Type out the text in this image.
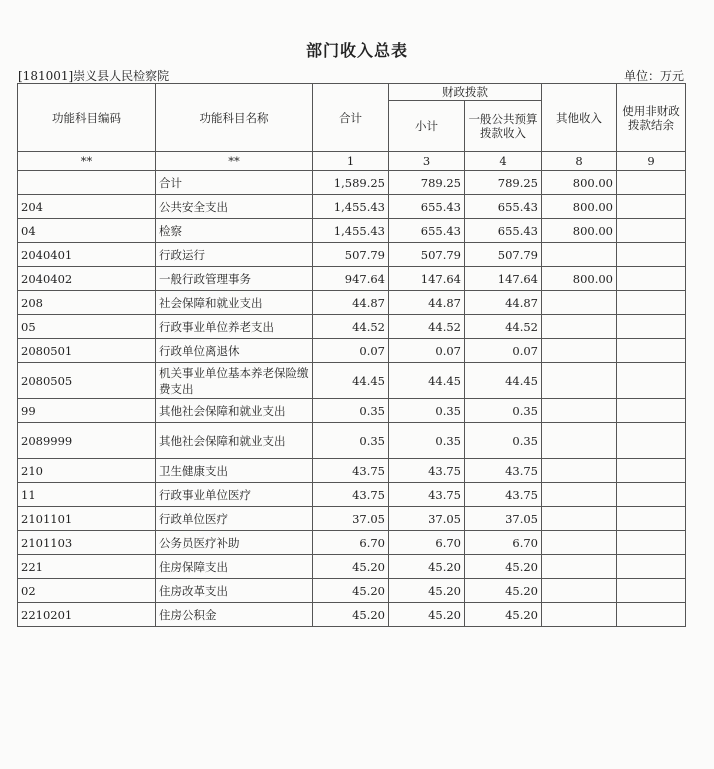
部门收入总表
[181001]崇义县人民检察院	单位：万元
功能科目编码	功能科目名称	合计	财政拨款		其他收入	使用非财政拨款结余
			小计	一般公共预算拨款收入		
**	**	1	3	4	8	9
	合计	1,589.25	789.25	789.25	800.00	
204	公共安全支出	1,455.43	655.43	655.43	800.00	
04	检察	1,455.43	655.43	655.43	800.00	
2040401	行政运行	507.79	507.79	507.79		
2040402	一般行政管理事务	947.64	147.64	147.64	800.00	
208	社会保障和就业支出	44.87	44.87	44.87		
05	行政事业单位养老支出	44.52	44.52	44.52		
2080501	行政单位离退休	0.07	0.07	0.07		
2080505	机关事业单位基本养老保险缴费支出	44.45	44.45	44.45		
99	其他社会保障和就业支出	0.35	0.35	0.35		
2089999	其他社会保障和就业支出	0.35	0.35	0.35		
210	卫生健康支出	43.75	43.75	43.75		
11	行政事业单位医疗	43.75	43.75	43.75		
2101101	行政单位医疗	37.05	37.05	37.05		
2101103	公务员医疗补助	6.70	6.70	6.70		
221	住房保障支出	45.20	45.20	45.20		
02	住房改革支出	45.20	45.20	45.20		
2210201	住房公积金	45.20	45.20	45.20		
